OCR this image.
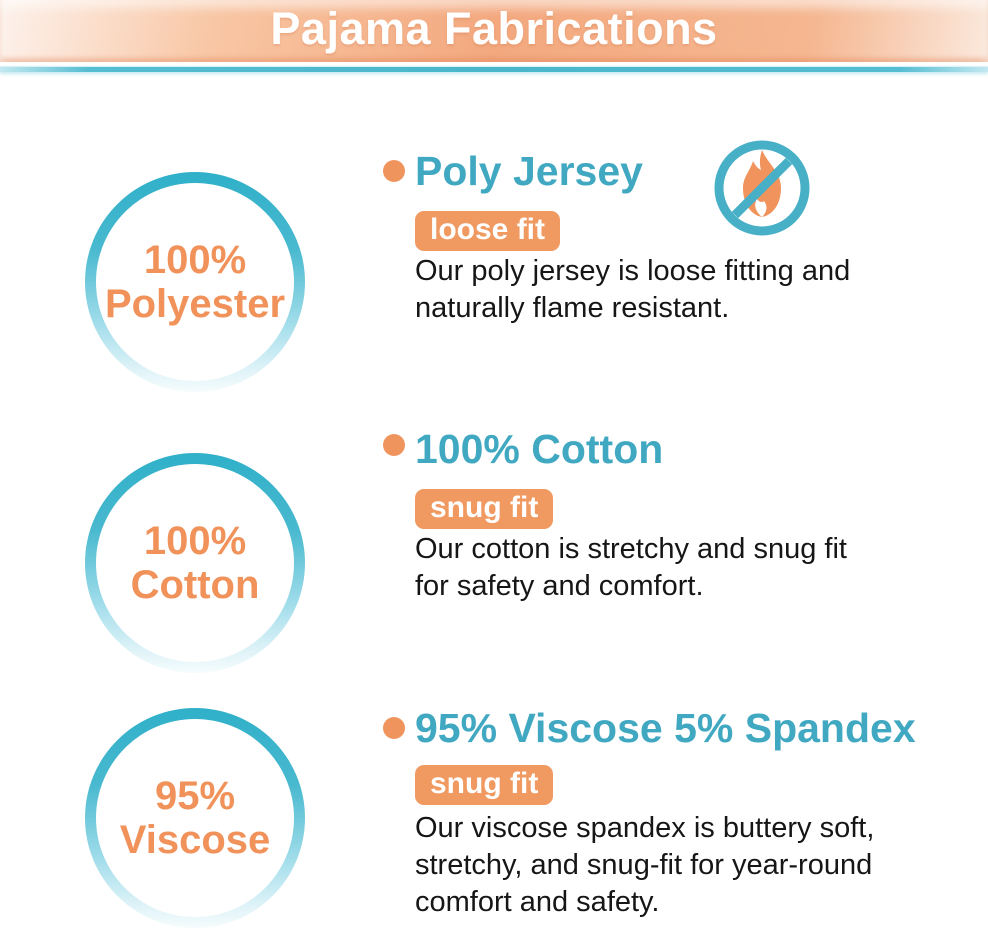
Pajama Fabrications
100%
Polyester
Poly Jersey
loose fit
Our poly jersey is loose fitting and
naturally flame resistant.
100%
Cotton
100% Cotton
snug fit
Our cotton is stretchy and snug fit
for safety and comfort.
95%
Viscose
95% Viscose 5% Spandex
snug fit
Our viscose spandex is buttery soft,
stretchy, and snug-fit for year-round
comfort and safety.
